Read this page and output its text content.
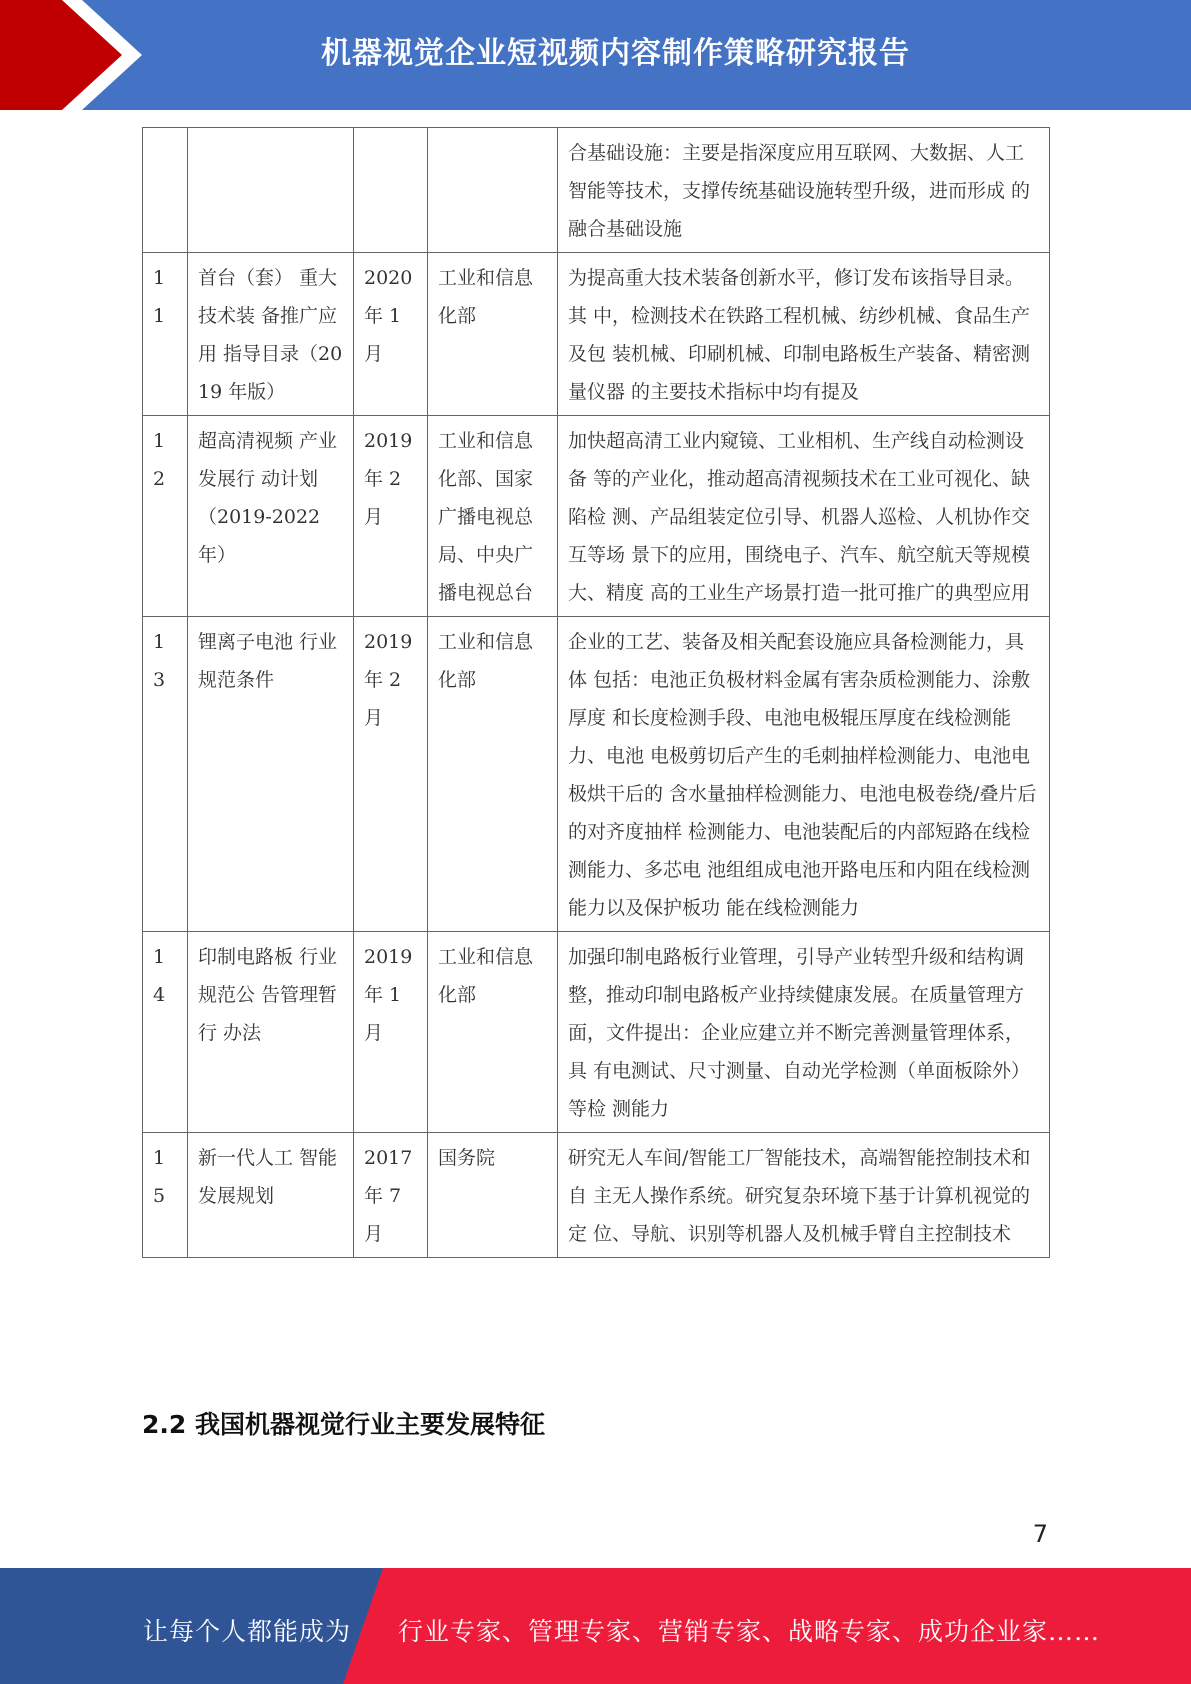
机器视觉企业短视频内容制作策略研究报告
				合基础设施：主要是指深度应用互联网、大数据、人工智能等技术，支撑传统基础设施转型升级，进而形成 的融合基础设施
11	首台（套） 重大技术装 备推广应用 指导目录（2019 年版）	2020 年 1 月	工业和信息化部	为提高重大技术装备创新水平，修订发布该指导目录。其 中，检测技术在铁路工程机械、纺纱机械、食品生产及包 装机械、印刷机械、印制电路板生产装备、精密测量仪器 的主要技术指标中均有提及
12	超高清视频 产业发展行 动计划 （2019-2022 年）	2019 年 2 月	工业和信息化部、国家广播电视总局、中央广播电视总台	加快超高清工业内窥镜、工业相机、生产线自动检测设备 等的产业化，推动超高清视频技术在工业可视化、缺陷检 测、产品组装定位引导、机器人巡检、人机协作交互等场 景下的应用，围绕电子、汽车、航空航天等规模大、精度 高的工业生产场景打造一批可推广的典型应用
13	锂离子电池 行业规范条件	2019 年 2 月	工业和信息化部	企业的工艺、装备及相关配套设施应具备检测能力，具体 包括：电池正负极材料金属有害杂质检测能力、涂敷厚度 和长度检测手段、电池电极辊压厚度在线检测能力、电池 电极剪切后产生的毛刺抽样检测能力、电池电极烘干后的 含水量抽样检测能力、电池电极卷绕/叠片后的对齐度抽样 检测能力、电池装配后的内部短路在线检测能力、多芯电 池组组成电池开路电压和内阻在线检测能力以及保护板功 能在线检测能力
14	印制电路板 行业规范公 告管理暂行 办法	2019 年 1 月	工业和信息化部	加强印制电路板行业管理，引导产业转型升级和结构调 整，推动印制电路板产业持续健康发展。在质量管理方 面，文件提出：企业应建立并不断完善测量管理体系，具 有电测试、尺寸测量、自动光学检测（单面板除外）等检 测能力
15	新一代人工 智能发展规划	2017 年 7 月	国务院	研究无人车间/智能工厂智能技术，高端智能控制技术和自 主无人操作系统。研究复杂环境下基于计算机视觉的定 位、导航、识别等机器人及机械手臂自主控制技术
2.2 我国机器视觉行业主要发展特征
7
让每个人都能成为 行业专家、管理专家、营销专家、战略专家、成功企业家……
